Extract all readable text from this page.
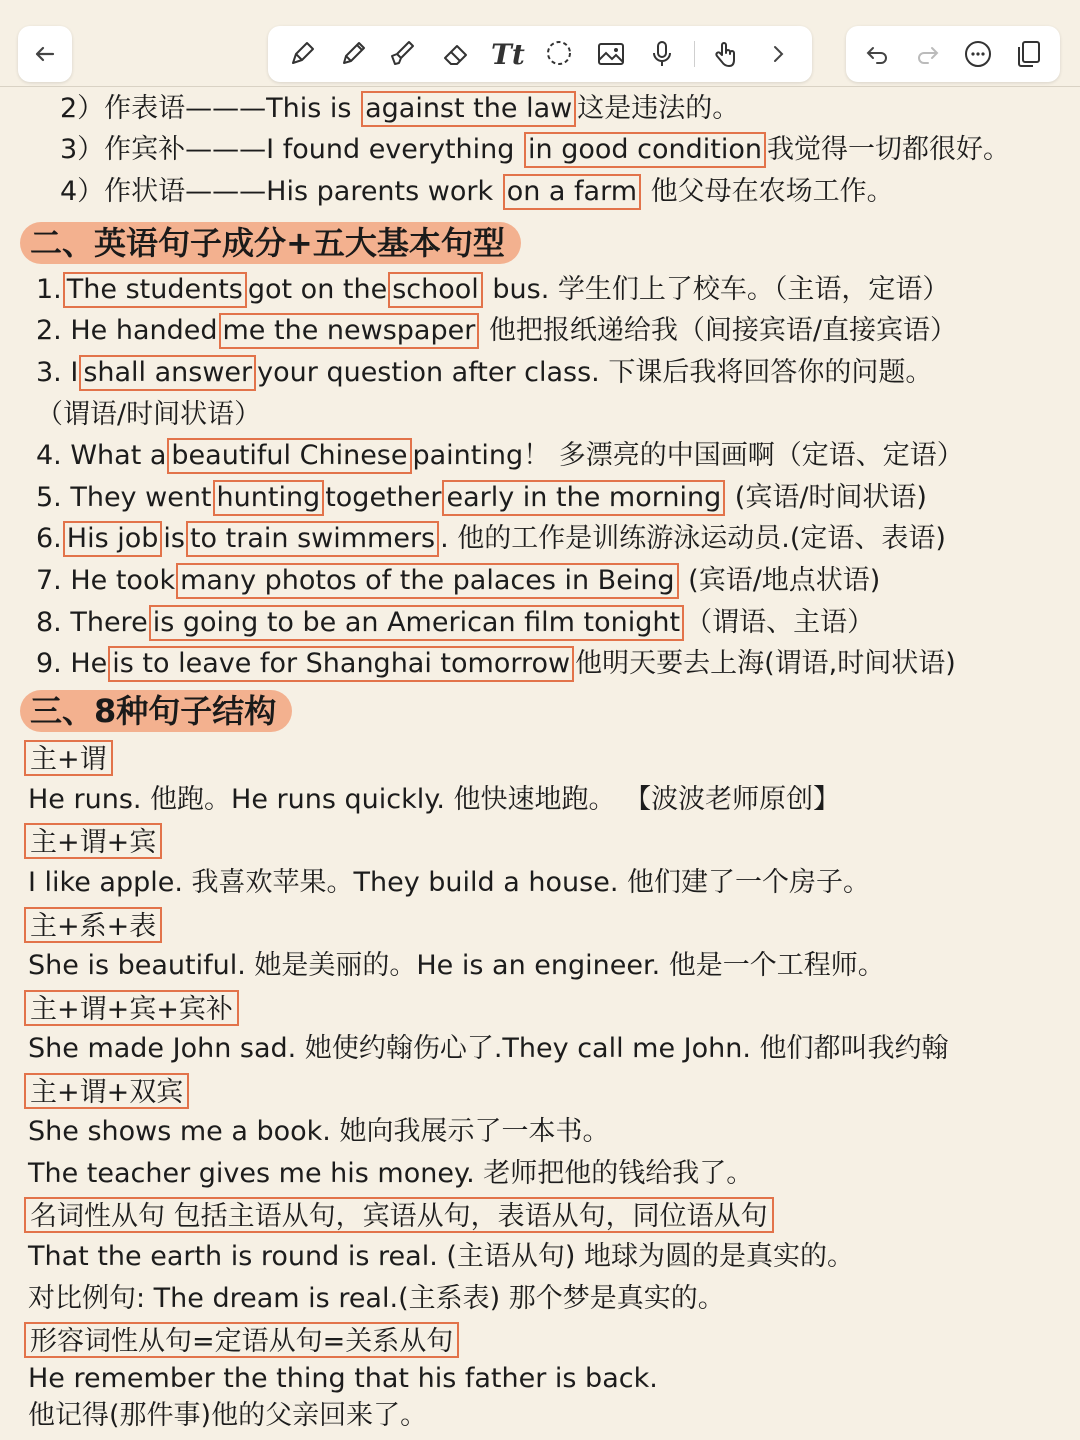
Tt
2）作表语———This is against the law 这是违法的。
3）作宾补———I found everything in good condition 我觉得一切都很好。
4）作状语———His parents work on a farm 他父母在农场工作。
二、英语句子成分+五大基本句型
1. The students got on the school bus. 学生们上了校车。（主语，定语）
2. He handed me the newspaper 他把报纸递给我（间接宾语/直接宾语）
3. I shall answer your question after class. 下课后我将回答你的问题。
（谓语/时间状语）
4. What a beautiful Chinese painting！ 多漂亮的中国画啊（定语、定语）
5. They went hunting together early in the morning (宾语/时间状语)
6. His job is to train swimmers . 他的工作是训练游泳运动员.(定语、表语)
7. He took many photos of the palaces in Being (宾语/地点状语)
8. There is going to be an American film tonight （谓语、主语）
9. He is to leave for Shanghai tomorrow 他明天要去上海(谓语,时间状语)
三、8种句子结构
主+谓
He runs. 他跑。He runs quickly. 他快速地跑。 【波波老师原创】
主+谓+宾
I like apple. 我喜欢苹果。They build a house. 他们建了一个房子。
主+系+表
She is beautiful. 她是美丽的。He is an engineer. 他是一个工程师。
主+谓+宾+宾补
She made John sad. 她使约翰伤心了.They call me John. 他们都叫我约翰
主+谓+双宾
She shows me a book. 她向我展示了一本书。
The teacher gives me his money. 老师把他的钱给我了。
名词性从句 包括主语从句，宾语从句，表语从句，同位语从句
That the earth is round is real. (主语从句) 地球为圆的是真实的。
对比例句: The dream is real.(主系表) 那个梦是真实的。
形容词性从句=定语从句=关系从句
He remember the thing that his father is back.
他记得(那件事)他的父亲回来了。
